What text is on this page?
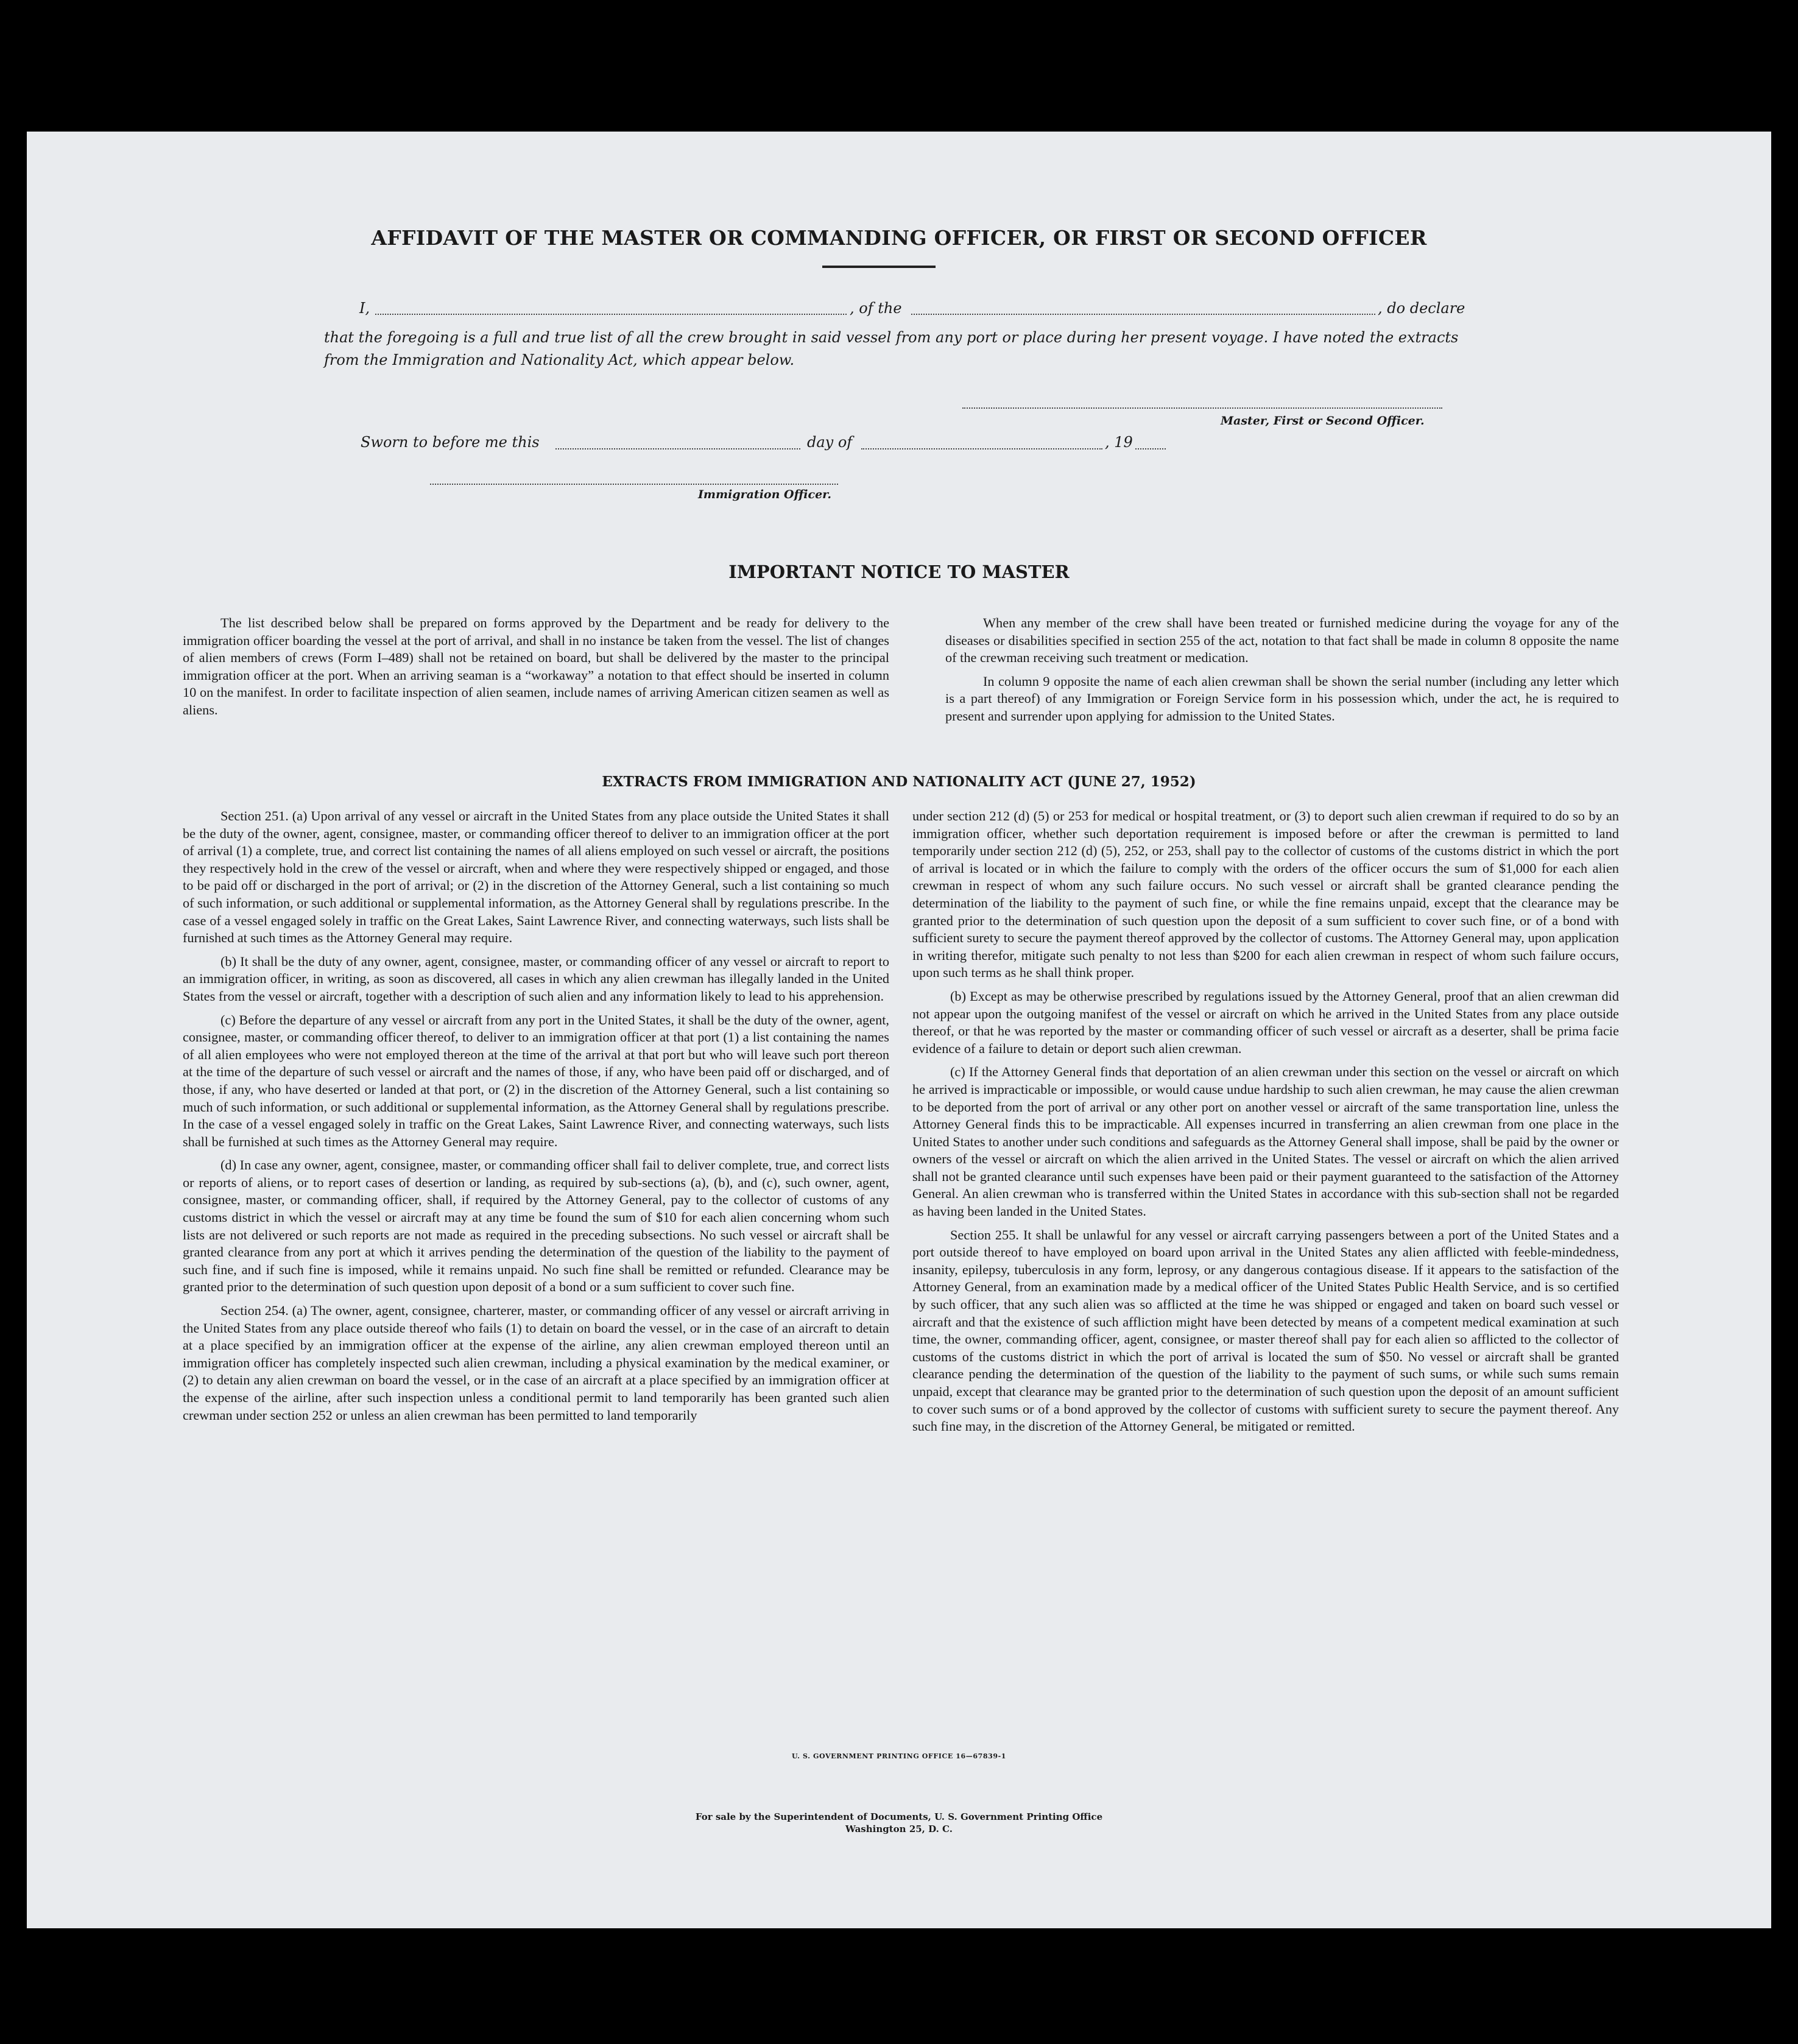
AFFIDAVIT OF THE MASTER OR COMMANDING OFFICER, OR FIRST OR SECOND OFFICER
I,	, of the	, do declare
that the foregoing is a full and true list of all the crew brought in said vessel from any port or place during her present voyage. I have noted the extracts from the Immigration and Nationality Act, which appear below.
Master, First or Second Officer.
Sworn to before me this	day of	, 19
Immigration Officer.
IMPORTANT NOTICE TO MASTER

The list described below shall be prepared on forms approved by the Department and be ready for delivery to the immigration officer boarding the vessel at the port of arrival, and shall in no instance be taken from the vessel. The list of changes of alien members of crews (Form I–489) shall not be retained on board, but shall be delivered by the master to the principal immigration officer at the port. When an arriving seaman is a “workaway” a notation to that effect should be inserted in column 10 on the manifest. In order to facilitate inspection of alien seamen, include names of arriving American citizen seamen as well as aliens.

When any member of the crew shall have been treated or furnished medicine during the voyage for any of the diseases or disabilities specified in section 255 of the act, notation to that fact shall be made in column 8 opposite the name of the crewman receiving such treatment or medication.

In column 9 opposite the name of each alien crewman shall be shown the serial number (including any letter which is a part thereof) of any Immigration or Foreign Service form in his possession which, under the act, he is required to present and surrender upon applying for admission to the United States.

EXTRACTS FROM IMMIGRATION AND NATIONALITY ACT (JUNE 27, 1952)

Section 251. (a) Upon arrival of any vessel or aircraft in the United States from any place outside the United States it shall be the duty of the owner, agent, consignee, master, or commanding officer thereof to deliver to an immigration officer at the port of arrival (1) a complete, true, and correct list containing the names of all aliens employed on such vessel or aircraft, the positions they respectively hold in the crew of the vessel or aircraft, when and where they were respectively shipped or engaged, and those to be paid off or discharged in the port of arrival; or (2) in the discretion of the Attorney General, such a list containing so much of such information, or such additional or supplemental information, as the Attorney General shall by regulations prescribe. In the case of a vessel engaged solely in traffic on the Great Lakes, Saint Lawrence River, and connecting waterways, such lists shall be furnished at such times as the Attorney General may require.

(b) It shall be the duty of any owner, agent, consignee, master, or commanding officer of any vessel or aircraft to report to an immigration officer, in writing, as soon as discovered, all cases in which any alien crewman has illegally landed in the United States from the vessel or aircraft, together with a description of such alien and any information likely to lead to his apprehension.

(c) Before the departure of any vessel or aircraft from any port in the United States, it shall be the duty of the owner, agent, consignee, master, or commanding officer thereof, to deliver to an immigration officer at that port (1) a list containing the names of all alien employees who were not employed thereon at the time of the arrival at that port but who will leave such port thereon at the time of the departure of such vessel or aircraft and the names of those, if any, who have been paid off or discharged, and of those, if any, who have deserted or landed at that port, or (2) in the discretion of the Attorney General, such a list containing so much of such information, or such additional or supplemental information, as the Attorney General shall by regulations prescribe. In the case of a vessel engaged solely in traffic on the Great Lakes, Saint Lawrence River, and connecting waterways, such lists shall be furnished at such times as the Attorney General may require.

(d) In case any owner, agent, consignee, master, or commanding officer shall fail to deliver complete, true, and correct lists or reports of aliens, or to report cases of desertion or landing, as required by sub-sections (a), (b), and (c), such owner, agent, consignee, master, or commanding officer, shall, if required by the Attorney General, pay to the collector of customs of any customs district in which the vessel or aircraft may at any time be found the sum of $10 for each alien concerning whom such lists are not delivered or such reports are not made as required in the preceding subsections. No such vessel or aircraft shall be granted clearance from any port at which it arrives pending the determination of the question of the liability to the payment of such fine, and if such fine is imposed, while it remains unpaid. No such fine shall be remitted or refunded. Clearance may be granted prior to the determination of such question upon deposit of a bond or a sum sufficient to cover such fine.

Section 254. (a) The owner, agent, consignee, charterer, master, or commanding officer of any vessel or aircraft arriving in the United States from any place outside thereof who fails (1) to detain on board the vessel, or in the case of an aircraft to detain at a place specified by an immigration officer at the expense of the airline, any alien crewman employed thereon until an immigration officer has completely inspected such alien crewman, including a physical examination by the medical examiner, or (2) to detain any alien crewman on board the vessel, or in the case of an aircraft at a place specified by an immigration officer at the expense of the airline, after such inspection unless a conditional permit to land temporarily has been granted such alien crewman under section 252 or unless an alien crewman has been permitted to land temporarily

under section 212 (d) (5) or 253 for medical or hospital treatment, or (3) to deport such alien crewman if required to do so by an immigration officer, whether such deportation requirement is imposed before or after the crewman is permitted to land temporarily under section 212 (d) (5), 252, or 253, shall pay to the collector of customs of the customs district in which the port of arrival is located or in which the failure to comply with the orders of the officer occurs the sum of $1,000 for each alien crewman in respect of whom any such failure occurs. No such vessel or aircraft shall be granted clearance pending the determination of the liability to the payment of such fine, or while the fine remains unpaid, except that the clearance may be granted prior to the determination of such question upon the deposit of a sum sufficient to cover such fine, or of a bond with sufficient surety to secure the payment thereof approved by the collector of customs. The Attorney General may, upon application in writing therefor, mitigate such penalty to not less than $200 for each alien crewman in respect of whom such failure occurs, upon such terms as he shall think proper.

(b) Except as may be otherwise prescribed by regulations issued by the Attorney General, proof that an alien crewman did not appear upon the outgoing manifest of the vessel or aircraft on which he arrived in the United States from any place outside thereof, or that he was reported by the master or commanding officer of such vessel or aircraft as a deserter, shall be prima facie evidence of a failure to detain or deport such alien crewman.

(c) If the Attorney General finds that deportation of an alien crewman under this section on the vessel or aircraft on which he arrived is impracticable or impossible, or would cause undue hardship to such alien crewman, he may cause the alien crewman to be deported from the port of arrival or any other port on another vessel or aircraft of the same transportation line, unless the Attorney General finds this to be impracticable. All expenses incurred in transferring an alien crewman from one place in the United States to another under such conditions and safeguards as the Attorney General shall impose, shall be paid by the owner or owners of the vessel or aircraft on which the alien arrived in the United States. The vessel or aircraft on which the alien arrived shall not be granted clearance until such expenses have been paid or their payment guaranteed to the satisfaction of the Attorney General. An alien crewman who is transferred within the United States in accordance with this sub-section shall not be regarded as having been landed in the United States.

Section 255. It shall be unlawful for any vessel or aircraft carrying passengers between a port of the United States and a port outside thereof to have employed on board upon arrival in the United States any alien afflicted with feeble-mindedness, insanity, epilepsy, tuberculosis in any form, leprosy, or any dangerous contagious disease. If it appears to the satisfaction of the Attorney General, from an examination made by a medical officer of the United States Public Health Service, and is so certified by such officer, that any such alien was so afflicted at the time he was shipped or engaged and taken on board such vessel or aircraft and that the existence of such affliction might have been detected by means of a competent medical examination at such time, the owner, commanding officer, agent, consignee, or master thereof shall pay for each alien so afflicted to the collector of customs of the customs district in which the port of arrival is located the sum of $50. No vessel or aircraft shall be granted clearance pending the determination of the question of the liability to the payment of such sums, or while such sums remain unpaid, except that clearance may be granted prior to the determination of such question upon the deposit of an amount sufficient to cover such sums or of a bond approved by the collector of customs with sufficient surety to secure the payment thereof. Any such fine may, in the discretion of the Attorney General, be mitigated or remitted.

U. S. GOVERNMENT PRINTING OFFICE 16—67839-1
For sale by the Superintendent of Documents, U. S. Government Printing Office
Washington 25, D. C.
